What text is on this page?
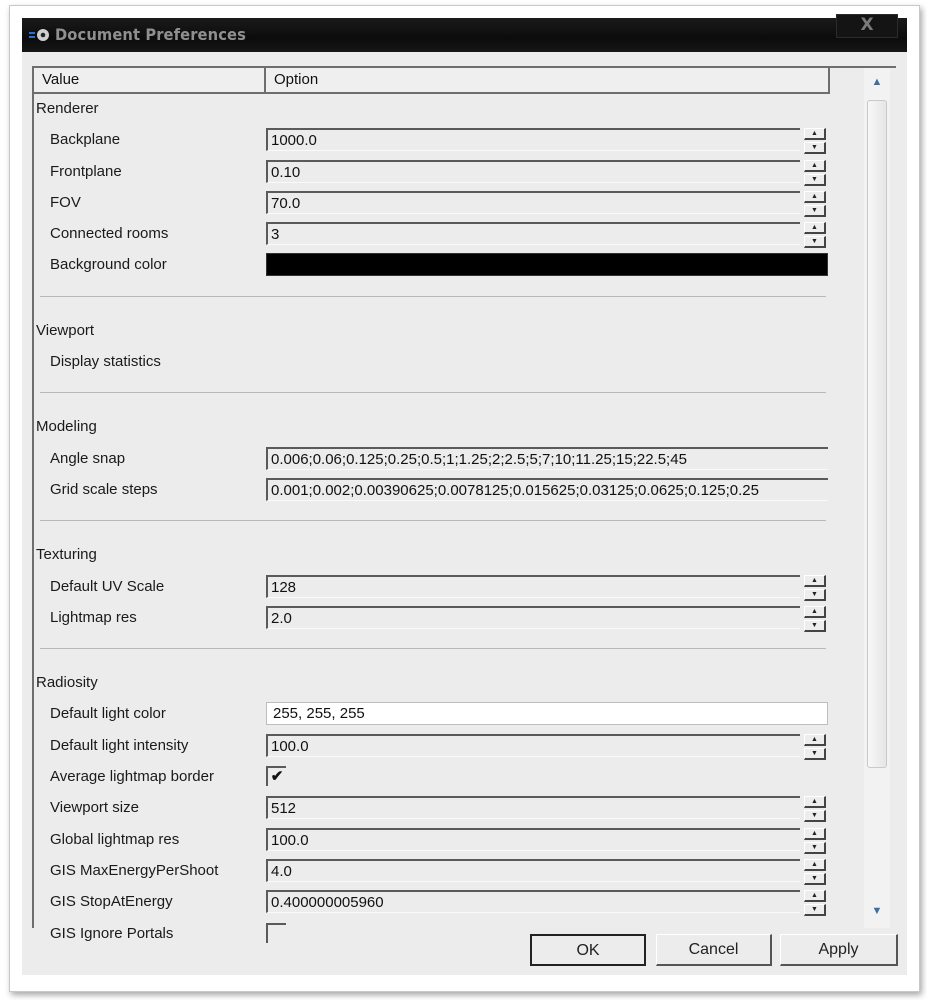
Document Preferences	X
Value	Option
Renderer
Backplane	1000.0	▲
▼
Frontplane	0.10	▲
▼
FOV	70.0	▲
▼
Connected rooms	3	▲
▼
Background color
Viewport
Display statistics
Modeling
Angle snap	0.006;0.06;0.125;0.25;0.5;1;1.25;2;2.5;5;7;10;11.25;15;22.5;45
Grid scale steps	0.001;0.002;0.00390625;0.0078125;0.015625;0.03125;0.0625;0.125;0.25
Texturing
Default UV Scale	128	▲
▼
Lightmap res	2.0	▲
▼
Radiosity
Default light color	255, 255, 255
Default light intensity	100.0	▲
▼
Average lightmap border	✔
Viewport size	512	▲
▼
Global lightmap res	100.0	▲
▼
GIS MaxEnergyPerShoot	4.0	▲
▼
GIS StopAtEnergy	0.400000005960	▲
▼
GIS Ignore Portals
▲
▼
OK	Cancel	Apply
